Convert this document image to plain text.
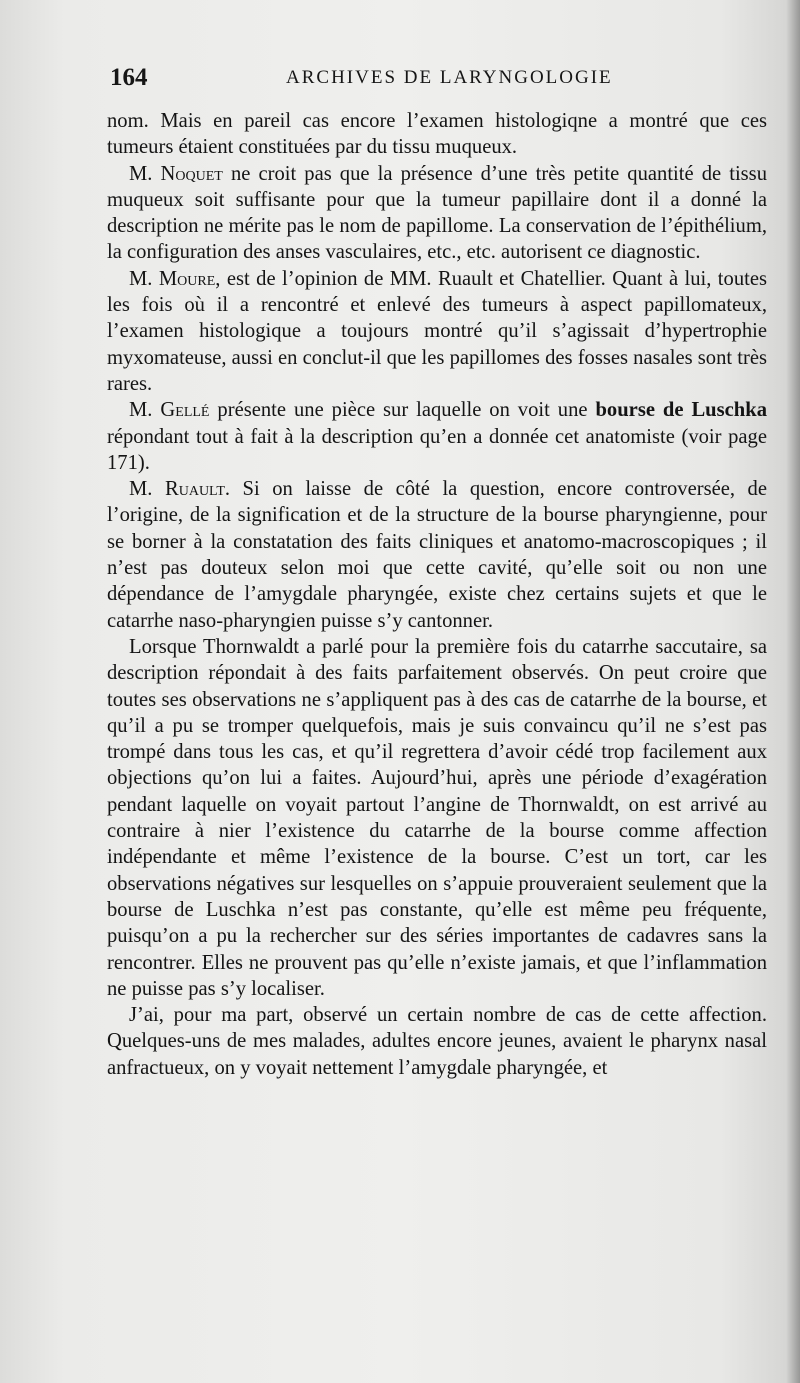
164	ARCHIVES DE LARYNGOLOGIE

nom. Mais en pareil cas encore l’examen histologiqne a montré que ces tumeurs étaient constituées par du tissu muqueux.

M. Noquet ne croit pas que la présence d’une très petite quantité de tissu muqueux soit suffisante pour que la tumeur papillaire dont il a donné la description ne mérite pas le nom de papillome. La conservation de l’épithélium, la configuration des anses vasculaires, etc., etc. autorisent ce diagnostic.

M. Moure, est de l’opinion de MM. Ruault et Chatellier. Quant à lui, toutes les fois où il a rencontré et enlevé des tumeurs à aspect papillomateux, l’examen histologique a toujours montré qu’il s’agissait d’hypertrophie myxomateuse, aussi en conclut-il que les papillomes des fosses nasales sont très rares.

M. Gellé présente une pièce sur laquelle on voit une bourse de Luschka répondant tout à fait à la description qu’en a donnée cet anatomiste (voir page 171).

M. Ruault. Si on laisse de côté la question, encore controversée, de l’origine, de la signification et de la structure de la bourse pharyngienne, pour se borner à la constatation des faits cliniques et anatomo-macroscopiques ; il n’est pas douteux selon moi que cette cavité, qu’elle soit ou non une dépendance de l’amygdale pharyngée, existe chez certains sujets et que le catarrhe naso-pharyngien puisse s’y cantonner.

Lorsque Thornwaldt a parlé pour la première fois du catarrhe saccutaire, sa description répondait à des faits parfaitement observés. On peut croire que toutes ses observations ne s’appliquent pas à des cas de catarrhe de la bourse, et qu’il a pu se tromper quelquefois, mais je suis convaincu qu’il ne s’est pas trompé dans tous les cas, et qu’il regrettera d’avoir cédé trop facilement aux objections qu’on lui a faites. Aujourd’hui, après une période d’exagération pendant laquelle on voyait partout l’angine de Thornwaldt, on est arrivé au contraire à nier l’existence du catarrhe de la bourse comme affection indépendante et même l’existence de la bourse. C’est un tort, car les observations négatives sur lesquelles on s’appuie prouveraient seulement que la bourse de Luschka n’est pas constante, qu’elle est même peu fréquente, puisqu’on a pu la rechercher sur des séries importantes de cadavres sans la rencontrer. Elles ne prouvent pas qu’elle n’existe jamais, et que l’inflammation ne puisse pas s’y localiser.

J’ai, pour ma part, observé un certain nombre de cas de cette affection. Quelques-uns de mes malades, adultes encore jeunes, avaient le pharynx nasal anfractueux, on y voyait nettement l’amygdale pharyngée, et
